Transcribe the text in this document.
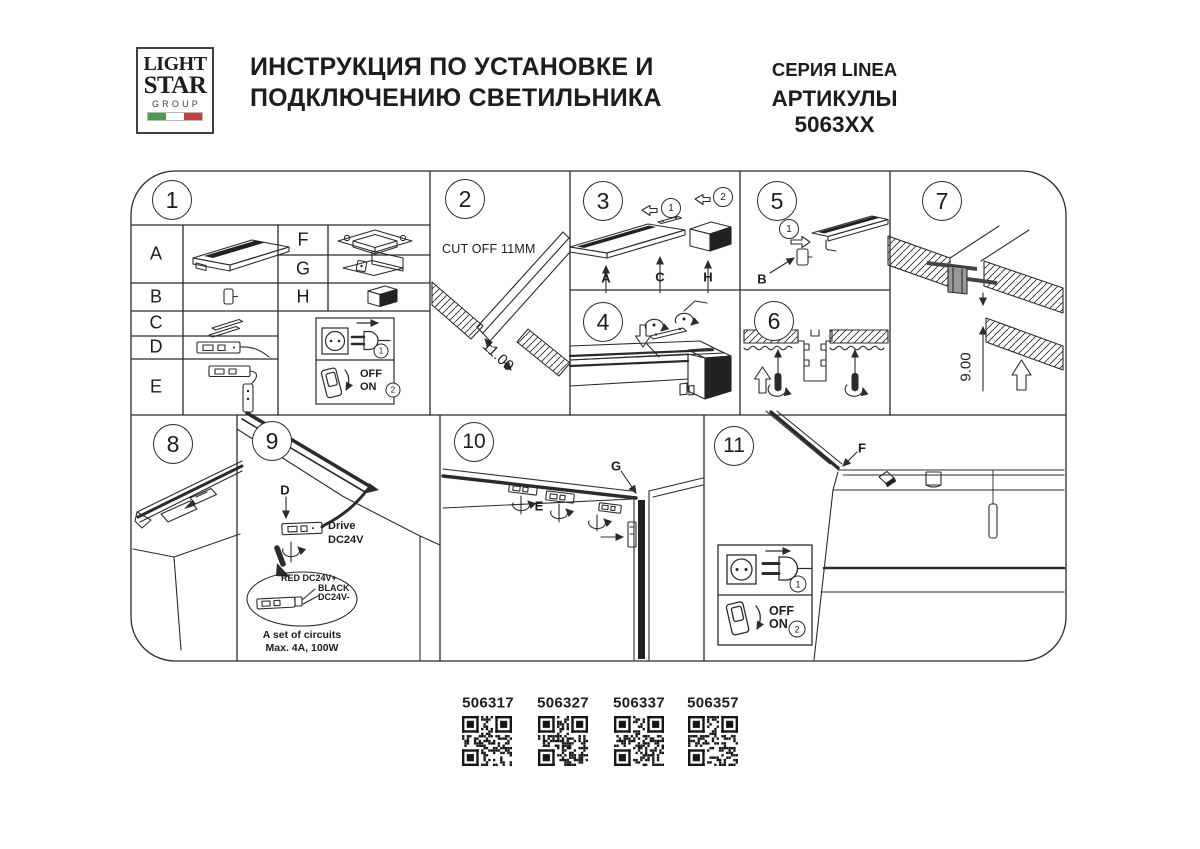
LIGHT
STAR
GROUP
ИНСТРУКЦИЯ ПО УСТАНОВКЕ И
ПОДКЛЮЧЕНИЮ СВЕТИЛЬНИКА
СЕРИЯ LINEA
АРТИКУЛЫ 5063XX
1	2	3
4
5
6
7
8	9	10	11
A
B
C
D
E
F
G
H
CUT OFF 11MM
11.00
A	C	H
1
2
B
1
9.00
D
Drive
DC24V
RED DC24V+
BLACK
DC24V-
A set of circuits
Max. 4A, 100W
E
G
F
OFF
ON
1
2
OFF
ON
1
2
506317 506327 506337 506357
